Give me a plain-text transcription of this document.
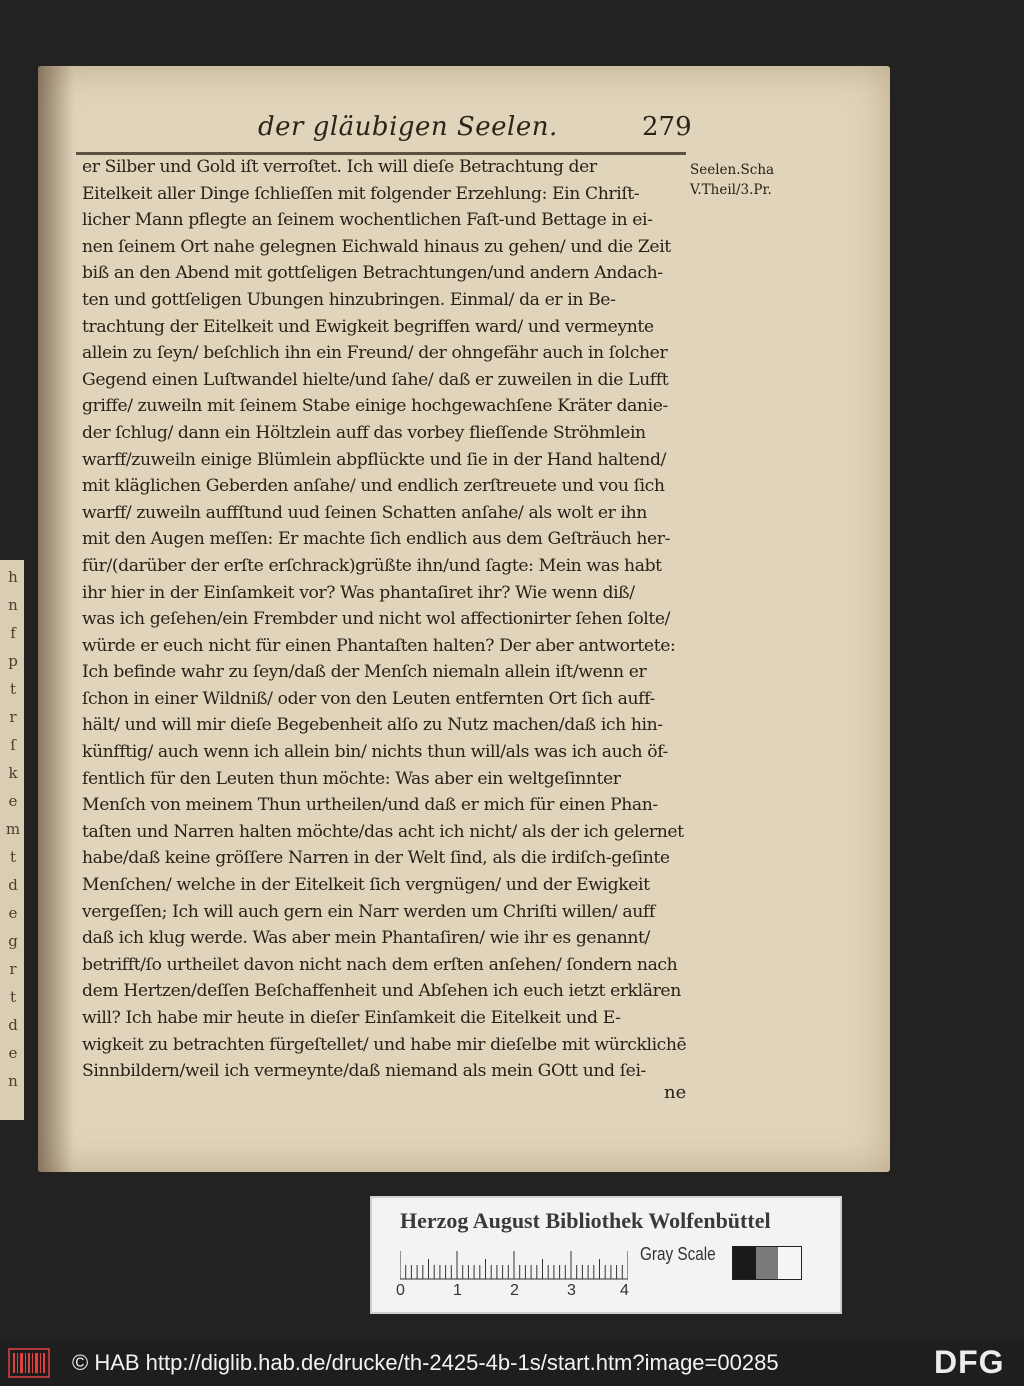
h
n
f
p
t
r
ſ
k
e
m
t
d
e
g
r
t
d
e
n
der gläubigen Seelen.	279
er Silber und Gold iſt verroſtet. Ich will dieſe Betrachtung der
Eitelkeit aller Dinge ſchlieſſen mit folgender Erzehlung: Ein Chriſt-
licher Mann pflegte an ſeinem wochentlichen Faſt-und Bettage in ei-
nen ſeinem Ort nahe gelegnen Eichwald hinaus zu gehen/ und die Zeit
biß an den Abend mit gottſeligen Betrachtungen/und andern Andach-
ten und gottſeligen Ubungen hinzubringen. Einmal/ da er in Be-
trachtung der Eitelkeit und Ewigkeit begriffen ward/ und vermeynte
allein zu ſeyn/ beſchlich ihn ein Freund/ der ohngefähr auch in ſolcher
Gegend einen Luſtwandel hielte/und ſahe/ daß er zuweilen in die Lufft
griffe/ zuweiln mit ſeinem Stabe einige hochgewachſene Kräter danie-
der ſchlug/ dann ein Höltzlein auff das vorbey flieſſende Ströhmlein
warff/zuweiln einige Blümlein abpflückte und ſie in der Hand haltend/
mit kläglichen Geberden anſahe/ und endlich zerſtreuete und vou ſich
warff/ zuweiln auffſtund uud ſeinen Schatten anſahe/ als wolt er ihn
mit den Augen meſſen: Er machte ſich endlich aus dem Geſträuch her-
für/(darüber der erſte erſchrack)grüßte ihn/und ſagte: Mein was habt
ihr hier in der Einſamkeit vor? Was phantaſiret ihr? Wie wenn diß/
was ich geſehen/ein Frembder und nicht wol affectionirter ſehen ſolte/
würde er euch nicht für einen Phantaſten halten? Der aber antwortete:
Ich befinde wahr zu ſeyn/daß der Menſch niemaln allein iſt/wenn er
ſchon in einer Wildniß/ oder von den Leuten entfernten Ort ſich auff-
hält/ und will mir dieſe Begebenheit alſo zu Nutz machen/daß ich hin-
künfftig/ auch wenn ich allein bin/ nichts thun will/als was ich auch öf-
fentlich für den Leuten thun möchte: Was aber ein weltgeſinnter
Menſch von meinem Thun urtheilen/und daß er mich für einen Phan-
taſten und Narren halten möchte/das acht ich nicht/ als der ich gelernet
habe/daß keine gröſſere Narren in der Welt ſind, als die irdiſch-geſinte
Menſchen/ welche in der Eitelkeit ſich vergnügen/ und der Ewigkeit
vergeſſen; Ich will auch gern ein Narr werden um Chriſti willen/ auff
daß ich klug werde. Was aber mein Phantaſiren/ wie ihr es genannt/
betrifft/ſo urtheilet davon nicht nach dem erſten anſehen/ ſondern nach
dem Hertzen/deſſen Beſchaffenheit und Abſehen ich euch ietzt erklären
will? Ich habe mir heute in dieſer Einſamkeit die Eitelkeit und E-
wigkeit zu betrachten fürgeſtellet/ und habe mir dieſelbe mit würcklichē
Sinnbildern/weil ich vermeynte/daß niemand als mein GOtt und ſei-
Seelen.Scha
V.Theil/3.Pr.
ne
Herzog August Bibliothek Wolfenbüttel
0	1	2	3	4
Gray Scale
© HAB http://diglib.hab.de/drucke/th-2425-4b-1s/start.htm?image=00285	DFG
